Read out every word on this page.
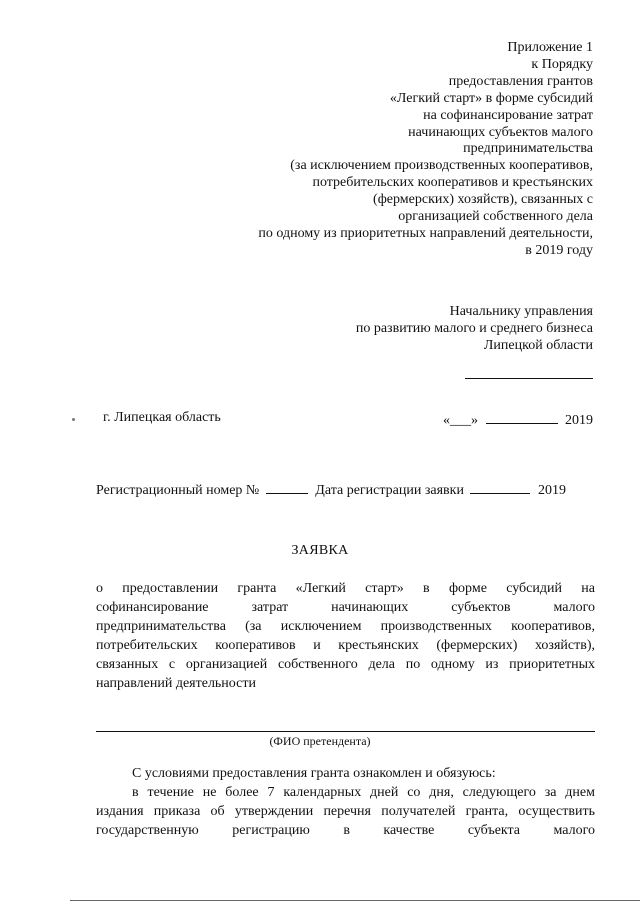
Приложение 1
к Порядку
предоставления грантов
«Легкий старт» в форме субсидий
на софинансирование затрат
начинающих субъектов малого
предпринимательства
(за исключением производственных кооперативов,
потребительских кооперативов и крестьянских
(фермерских) хозяйств), связанных с
организацией собственного дела
по одному из приоритетных направлений деятельности,
в 2019 году
Начальнику управления
по развитию малого и среднего бизнеса
Липецкой области
г. Липецкая область	«___»	2019
Регистрационный номер №	Дата регистрации заявки	2019
ЗАЯВКА
о предоставлении гранта «Легкий старт» в форме субсидий на
софинансирование затрат начинающих субъектов малого
предпринимательства (за исключением производственных кооперативов,
потребительских кооперативов и крестьянских (фермерских) хозяйств),
связанных с организацией собственного дела по одному из приоритетных
направлений деятельности
(ФИО претендента)
С условиями предоставления гранта ознакомлен и обязуюсь:
в течение не более 7 календарных дней со дня, следующего за днем
издания приказа об утверждении перечня получателей гранта, осуществить
государственную регистрацию в качестве субъекта малого
